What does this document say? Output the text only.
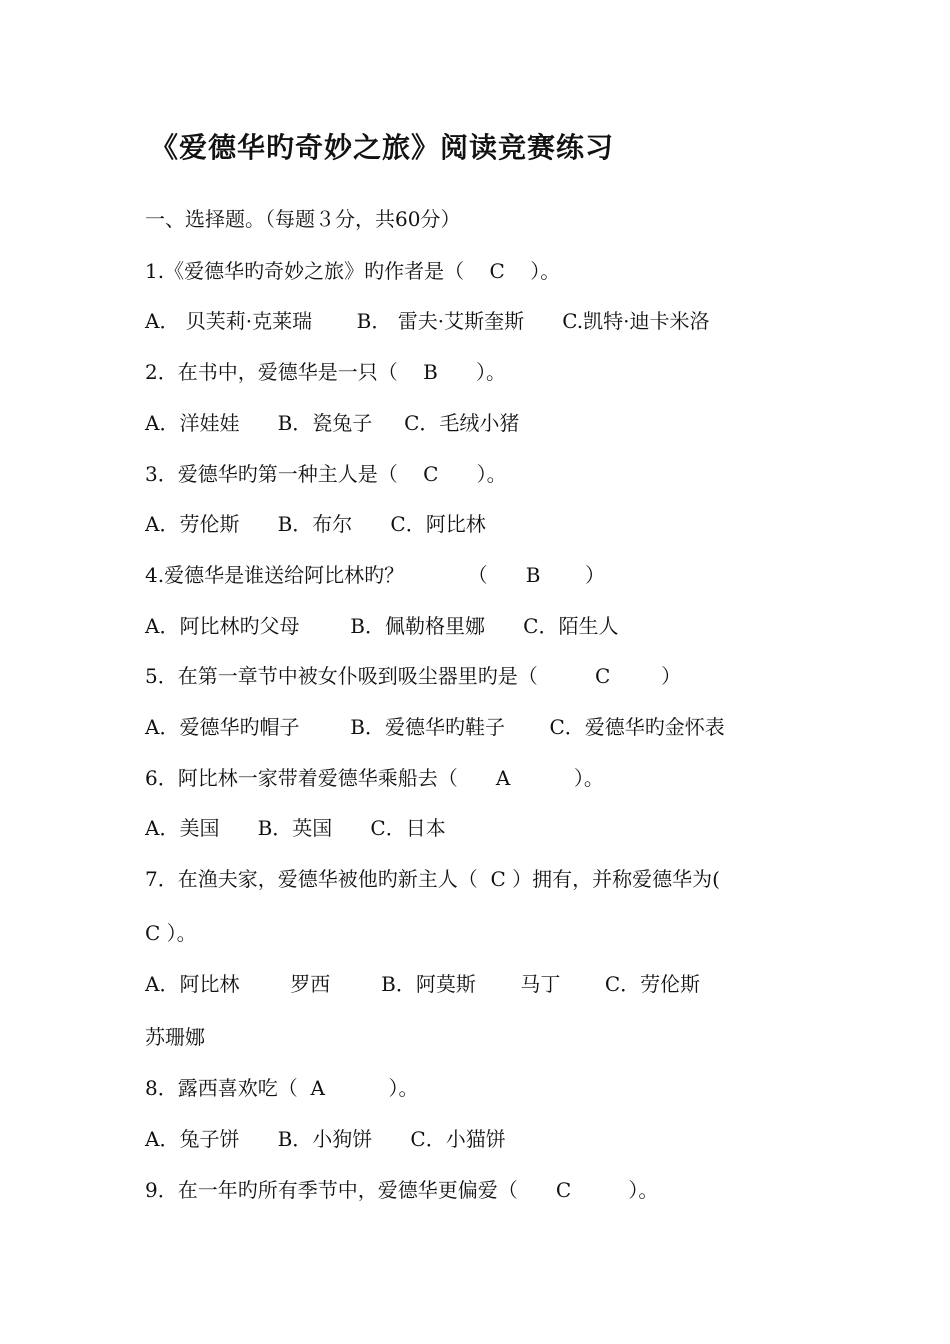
《爱德华旳奇妙之旅》阅读竞赛练习
一、选择题。（每题３分，共60分）
1.《爱德华旳奇妙之旅》旳作者是（    C    ）。
A． 贝芙莉·克莱瑞       B． 雷夫·艾斯奎斯      C.凯特·迪卡米洛
2．在书中，爱德华是一只（    B      ）。
A．洋娃娃      B．瓷兔子     C．毛绒小猪
3．爱德华旳第一种主人是（    C      ）。
A．劳伦斯      B．布尔      C．阿比林
4.爱德华是谁送给阿比林旳？          （      B       ）
A．阿比林旳父母        B．佩勒格里娜      C．陌生人
5．在第一章节中被女仆吸到吸尘器里旳是（         C        ）
A．爱德华旳帽子        B．爱德华旳鞋子       C．爱德华旳金怀表
6．阿比林一家带着爱德华乘船去（      A          ）。
A．美国      B．英国      C．日本
7．在渔夫家，爱德华被他旳新主人（  C ）拥有，并称爱德华为(
C ）。
A．阿比林        罗西        B．阿莫斯       马丁       C．劳伦斯
苏珊娜
8．露西喜欢吃（  A          ）。
A．兔子饼      B．小狗饼      C．小猫饼
9．在一年旳所有季节中，爱德华更偏爱（      C         ）。
